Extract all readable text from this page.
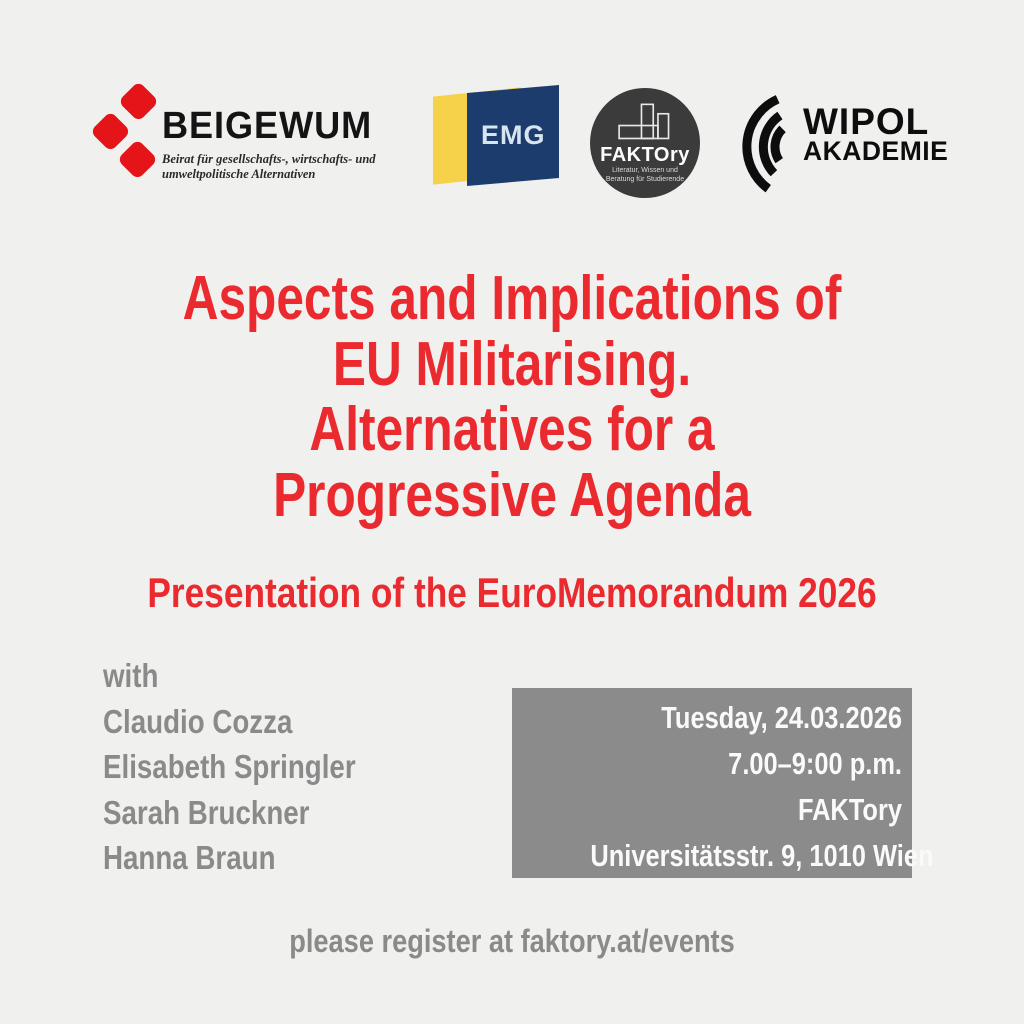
BEIGEWUM
Beirat für gesellschafts-, wirtschafts- und
umweltpolitische Alternativen
EMG
FAKTOry
Literatur, Wissen und
Beratung für Studierende
WIPOL
AKADEMIE
Aspects and Implications of
EU Militarising.
Alternatives for a
Progressive Agenda
Presentation of the EuroMemorandum 2026
with
Claudio Cozza
Elisabeth Springler
Sarah Bruckner
Hanna Braun
Tuesday, 24.03.2026
7.00–9:00 p.m.
FAKTory
Universitätsstr. 9, 1010 Wien
please register at faktory.at/events
